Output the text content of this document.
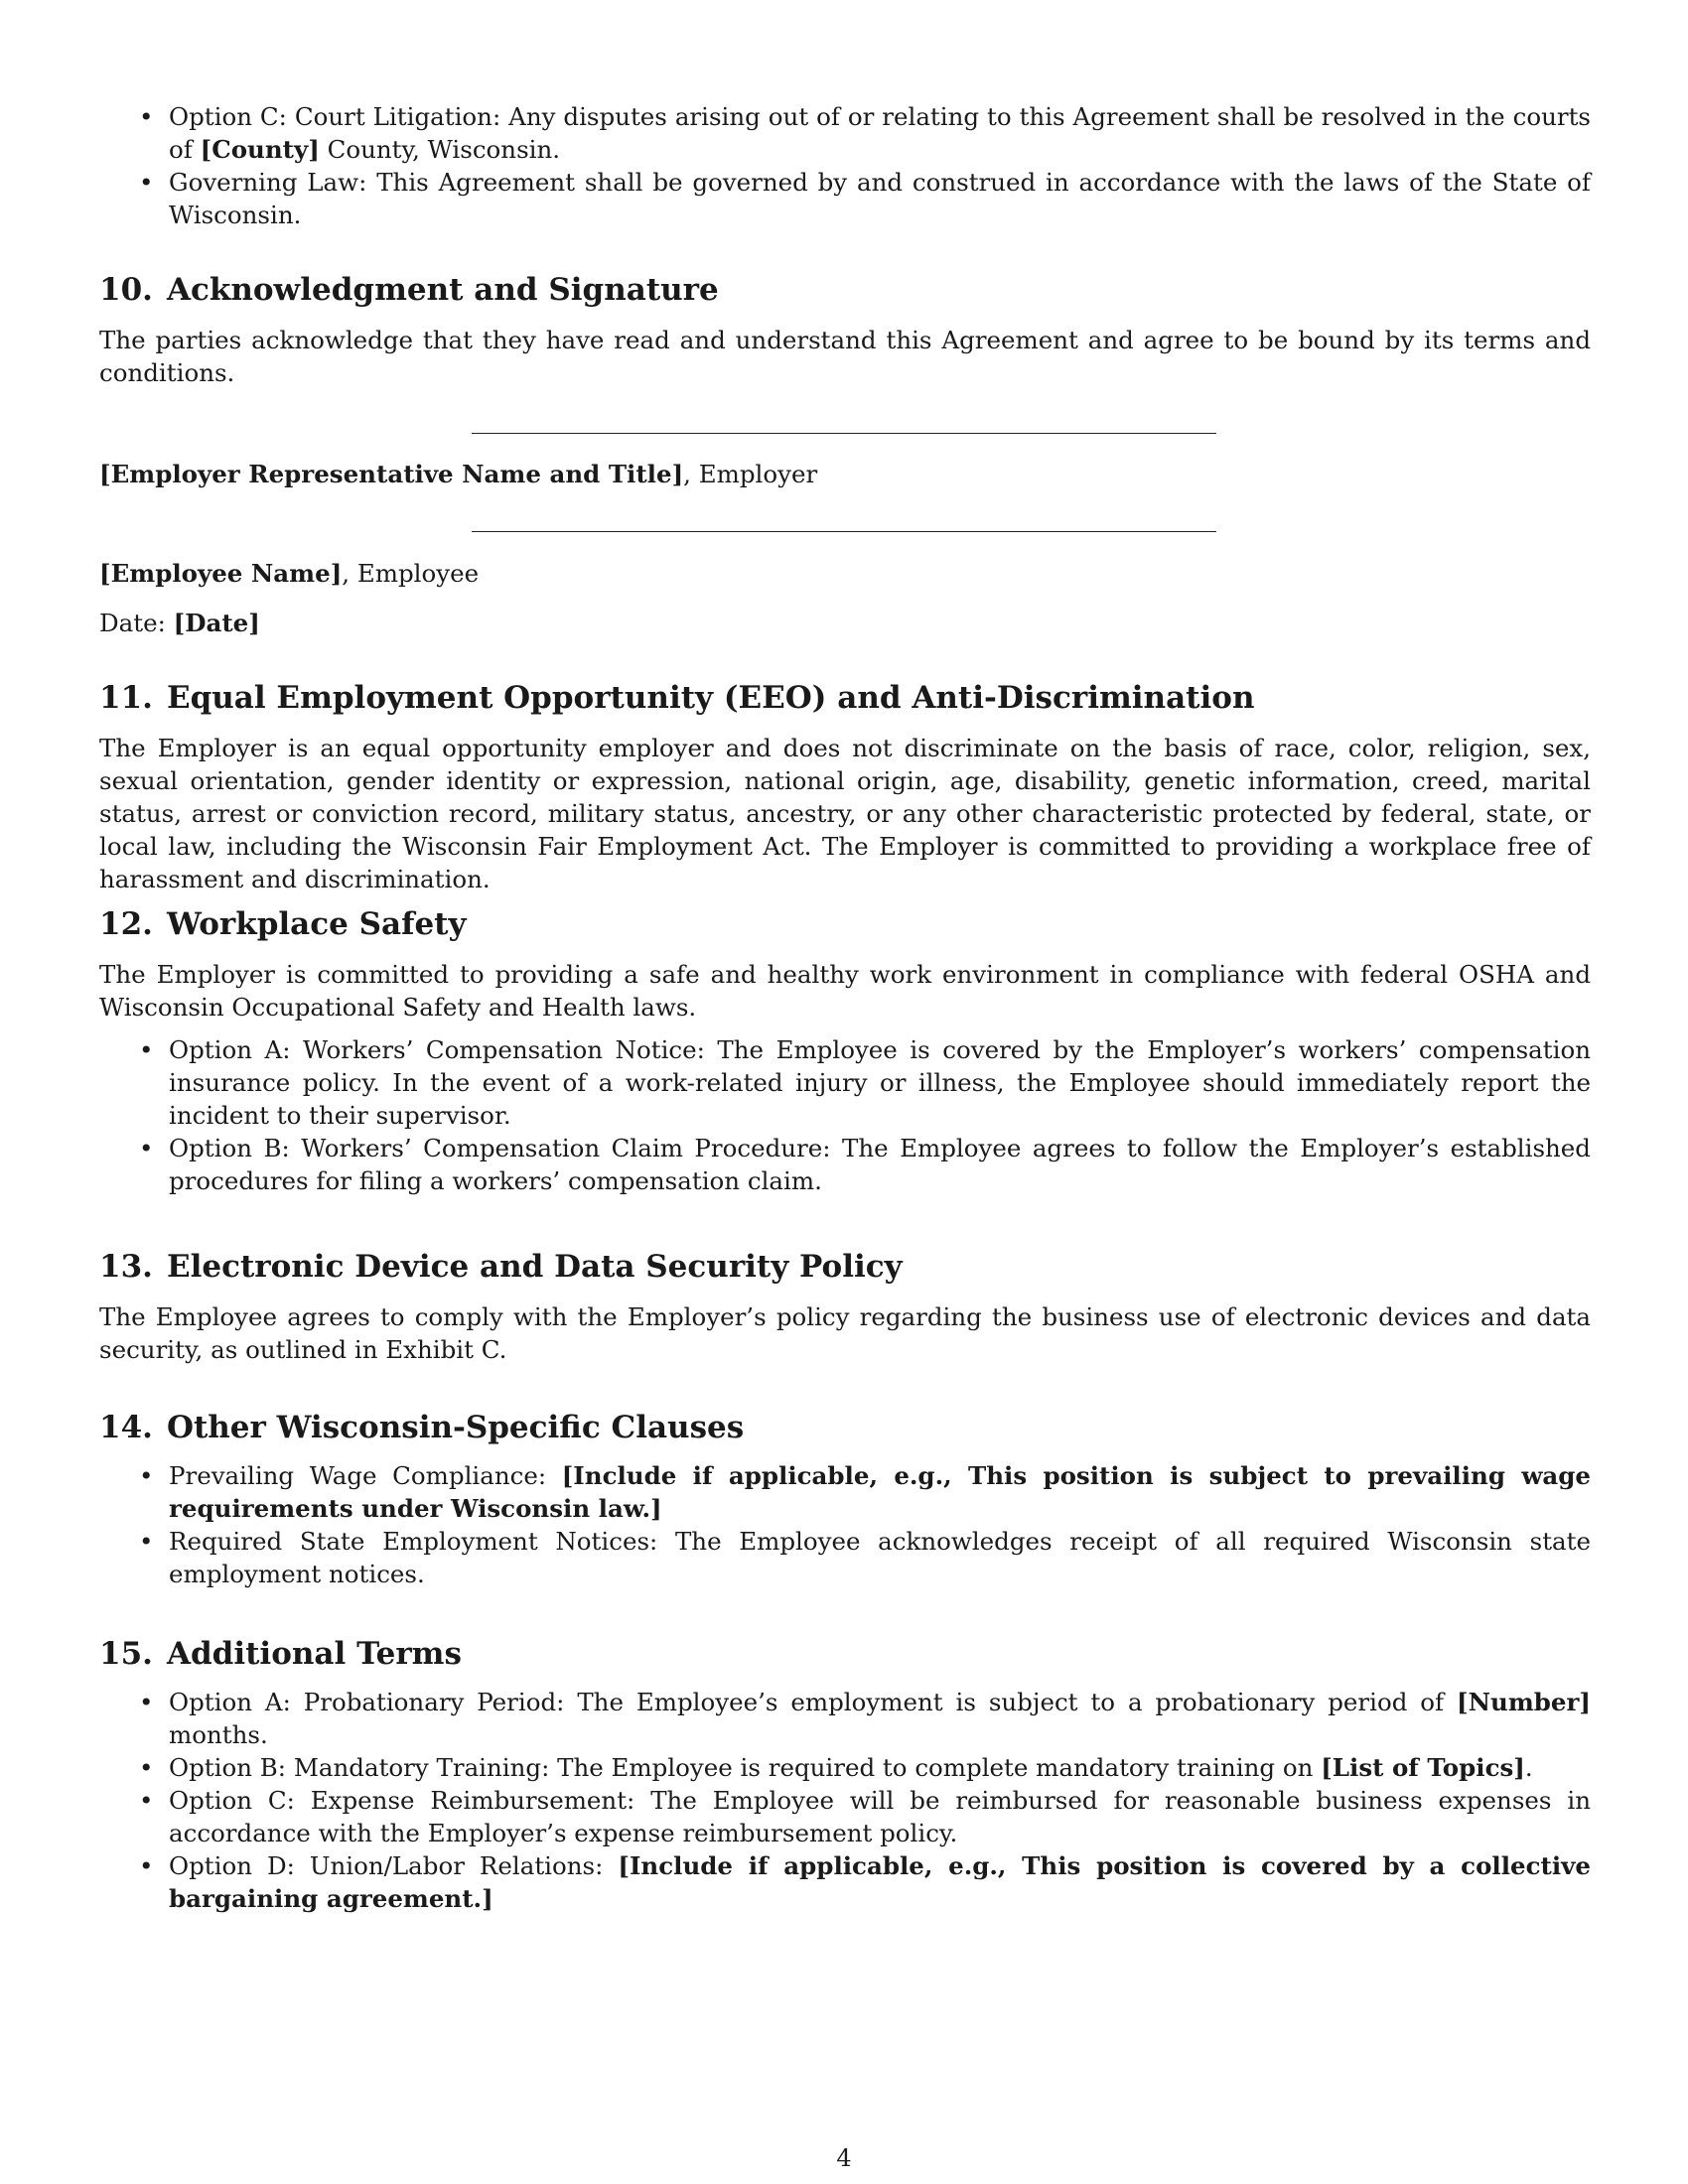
• Option C: Court Litigation: Any disputes arising out of or relating to this Agreement shall be resolved in the courts of [County] County, Wisconsin.
• Governing Law: This Agreement shall be governed by and construed in accordance with the laws of the State of Wisconsin.
10. Acknowledgment and Signature

The parties acknowledge that they have read and understand this Agreement and agree to be bound by its terms and conditions.

[Employer Representative Name and Title], Employer

[Employee Name], Employee

Date: [Date]

11. Equal Employment Opportunity (EEO) and Anti-Discrimination

The Employer is an equal opportunity employer and does not discriminate on the basis of race, color, religion, sex, sexual orientation, gender identity or expression, national origin, age, disability, genetic information, creed, marital status, arrest or conviction record, military status, ancestry, or any other characteristic protected by federal, state, or local law, including the Wisconsin Fair Employment Act. The Employer is committed to providing a workplace free of harassment and discrimination.

12. Workplace Safety

The Employer is committed to providing a safe and healthy work environment in compliance with federal OSHA and Wisconsin Occupational Safety and Health laws.

• Option A: Workers’ Compensation Notice: The Employee is covered by the Employer’s workers’ compensation insurance policy. In the event of a work-related injury or illness, the Employee should immediately report the incident to their supervisor.
• Option B: Workers’ Compensation Claim Procedure: The Employee agrees to follow the Employer’s established procedures for filing a workers’ compensation claim.
13. Electronic Device and Data Security Policy

The Employee agrees to comply with the Employer’s policy regarding the business use of electronic devices and data security, as outlined in Exhibit C.

14. Other Wisconsin-Specific Clauses
• Prevailing Wage Compliance: [Include if applicable, e.g., This position is subject to prevailing wage requirements under Wisconsin law.]
• Required State Employment Notices: The Employee acknowledges receipt of all required Wisconsin state employment notices.
15. Additional Terms
• Option A: Probationary Period: The Employee’s employment is subject to a probationary period of [Number] months.
• Option B: Mandatory Training: The Employee is required to complete mandatory training on [List of Topics].
• Option C: Expense Reimbursement: The Employee will be reimbursed for reasonable business expenses in accordance with the Employer’s expense reimbursement policy.
• Option D: Union/Labor Relations: [Include if applicable, e.g., This position is covered by a collective bargaining agreement.]
4
